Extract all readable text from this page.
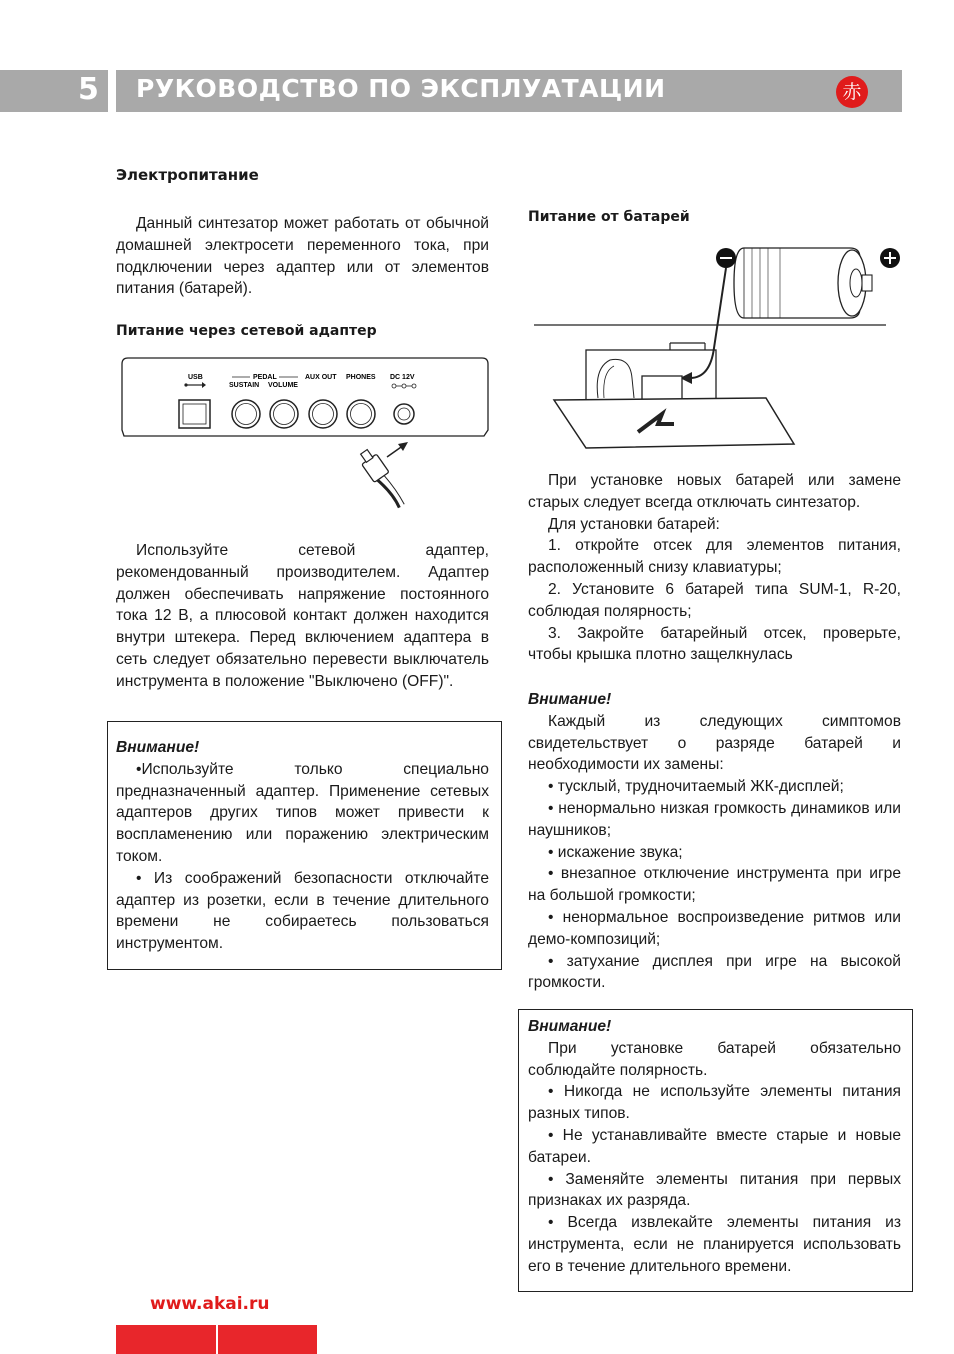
5 РУКОВОДСТВО ПО ЭКСПЛУАТАЦИИ	赤
Электропитание

Данный синтезатор может работать от обычной домашней электросети переменного тока, при подключении через адаптер или от элементов питания (батарей).

Питание через сетевой адаптер
USB	PEDAL
SUSTAIN VOLUME
AUX OUT PHONES DC 12V

Используйте сетевой адаптер, рекомендованный производителем. Адаптер должен обеспечивать напряжение постоянного тока 12 В, а плюсовой контакт должен находится внутри штекера. Перед включением адаптера в сеть следует обязательно перевести выключатель инструмента в положение "Выключено (OFF)".

Внимание!

•Используйте только специально предназначенный адаптер. Применение сетевых адаптеров других типов может привести к воспламенению или поражению электрическим током.

• Из соображений безопасности отключайте адаптер из розетки, если в течение длительного времени не собираетесь пользоваться инструментом.

Питание от батарей

При установке новых батарей или замене старых следует всегда отключать синтезатор.

Для установки батарей:

1. откройте отсек для элементов питания, расположенный снизу клавиатуры;

2. Установите 6 батарей типа SUM-1, R-20, соблюдая полярность;

3. Закройте батарейный отсек, проверьте, чтобы крышка плотно защелкнулась

Внимание!

Каждый из следующих симптомов свидетельствует о разряде батарей и необходимости их замены:

• тусклый, трудночитаемый ЖК-дисплей;

• ненормально низкая громкость динамиков или наушников;

• искажение звука;

• внезапное отключение инструмента при игре на большой громкости;

• ненормальное воспроизведение ритмов или демо-композиций;

• затухание дисплея при игре на высокой громкости.

Внимание!

При установке батарей обязательно соблюдайте полярность.

• Никогда не используйте элементы питания разных типов.

• Не устанавливайте вместе старые и новые батареи.

• Заменяйте элементы питания при первых признаках их разряда.

• Всегда извлекайте элементы питания из инструмента, если не планируется использовать его в течение длительного времени.

www.akai.ru
